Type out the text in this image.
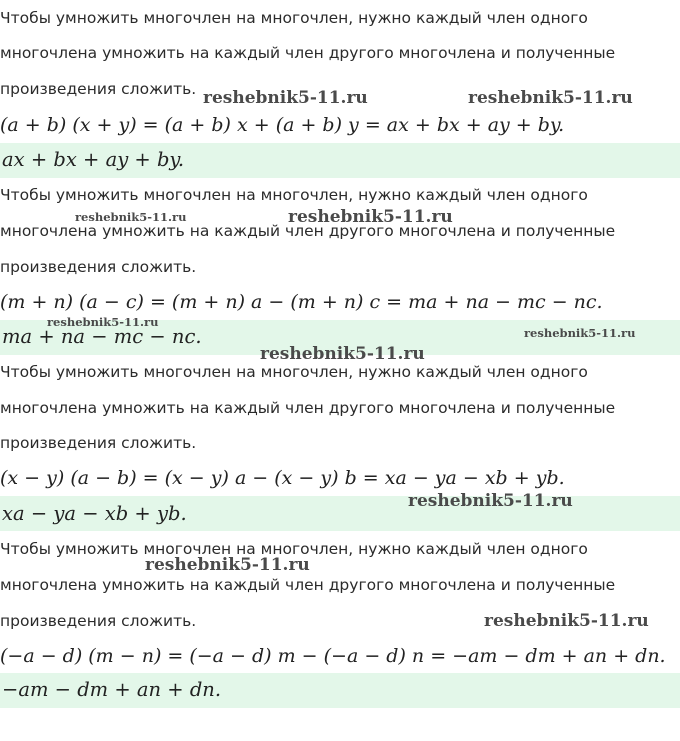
Чтобы умножить многочлен на многочлен, нужно каждый член одного
многочлена умножить на каждый член другого многочлена и полученные
произведения сложить.
(a + b) (x + y) = (a + b) x + (a + b) y = ax + bx + ay + by.
ax + bx + ay + by.
Чтобы умножить многочлен на многочлен, нужно каждый член одного
многочлена умножить на каждый член другого многочлена и полученные
произведения сложить.
(m + n) (a − c) = (m + n) a − (m + n) c = ma + na − mc − nc.
ma + na − mc − nc.
Чтобы умножить многочлен на многочлен, нужно каждый член одного
многочлена умножить на каждый член другого многочлена и полученные
произведения сложить.
(x − y) (a − b) = (x − y) a − (x − y) b = xa − ya − xb + yb.
xa − ya − xb + yb.
Чтобы умножить многочлен на многочлен, нужно каждый член одного
многочлена умножить на каждый член другого многочлена и полученные
произведения сложить.
(−a − d) (m − n) = (−a − d) m − (−a − d) n = −am − dm + an + dn.
−am − dm + an + dn.
reshebnik5-11.ru	reshebnik5-11.ru
reshebnik5-11.ru	reshebnik5-11.ru
reshebnik5-11.ru
reshebnik5-11.ru
reshebnik5-11.ru
reshebnik5-11.ru
reshebnik5-11.ru
reshebnik5-11.ru
